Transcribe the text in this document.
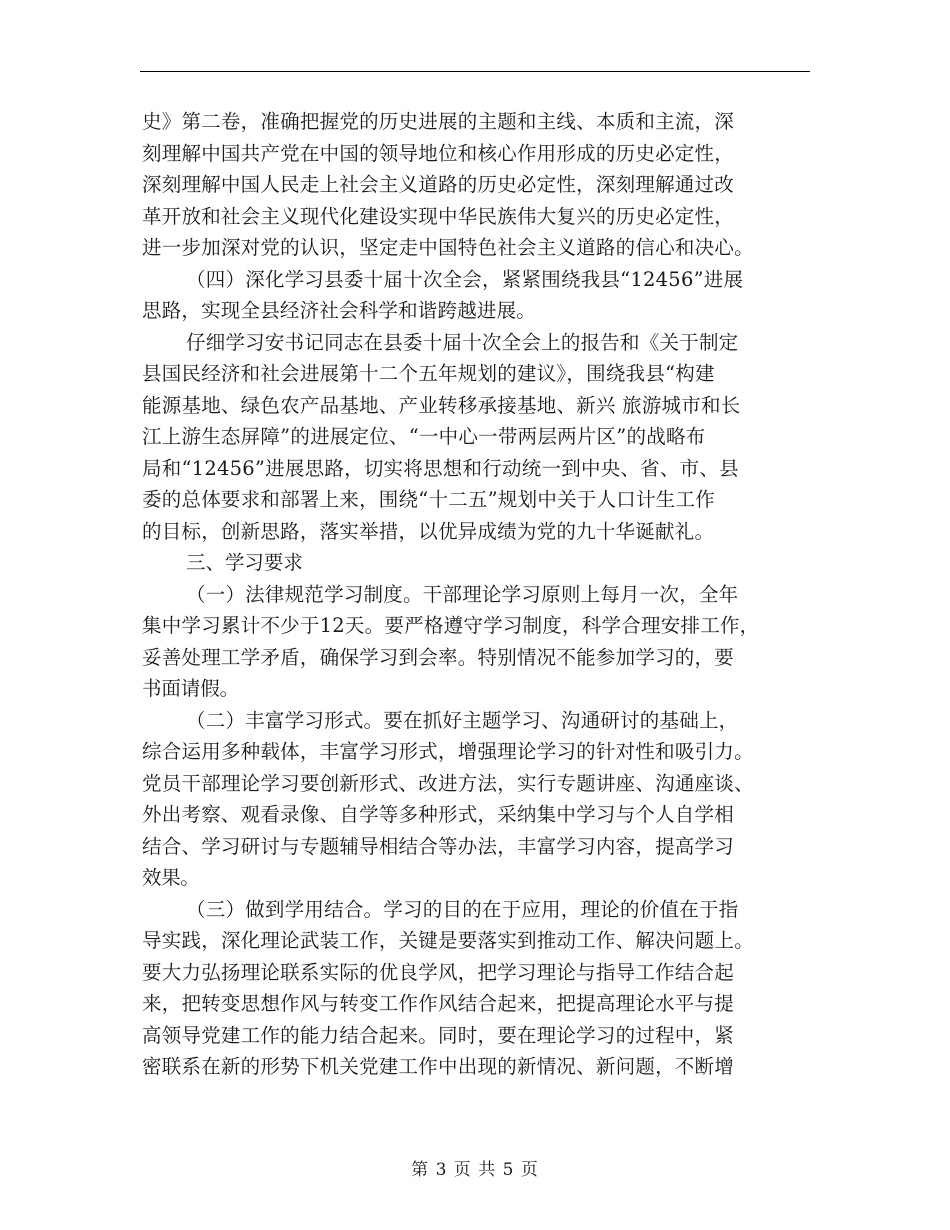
史》第二卷，准确把握党的历史进展的主题和主线、本质和主流，深
刻理解中国共产党在中国的领导地位和核心作用形成的历史必定性，
深刻理解中国人民走上社会主义道路的历史必定性，深刻理解通过改
革开放和社会主义现代化建设实现中华民族伟大复兴的历史必定性，
进一步加深对党的认识，坚定走中国特色社会主义道路的信心和决心。
（四）深化学习县委十届十次全会，紧紧围绕我县“12456”进展
思路，实现全县经济社会科学和谐跨越进展。
仔细学习安书记同志在县委十届十次全会上的报告和《关于制定
县国民经济和社会进展第十二个五年规划的建议》，围绕我县“构建
能源基地、绿色农产品基地、产业转移承接基地、新兴 旅游城市和长
江上游生态屏障”的进展定位、“一中心一带两层两片区”的战略布
局和“12456”进展思路，切实将思想和行动统一到中央、省、市、县
委的总体要求和部署上来，围绕“十二五”规划中关于人口计生工作
的目标，创新思路，落实举措，以优异成绩为党的九十华诞献礼。
三、学习要求
（一）法律规范学习制度。干部理论学习原则上每月一次，全年
集中学习累计不少于12天。要严格遵守学习制度，科学合理安排工作，
妥善处理工学矛盾，确保学习到会率。特别情况不能参加学习的，要
书面请假。
（二）丰富学习形式。要在抓好主题学习、沟通研讨的基础上，
综合运用多种载体，丰富学习形式，增强理论学习的针对性和吸引力。
党员干部理论学习要创新形式、改进方法，实行专题讲座、沟通座谈、
外出考察、观看录像、自学等多种形式，采纳集中学习与个人自学相
结合、学习研讨与专题辅导相结合等办法，丰富学习内容，提高学习
效果。
（三）做到学用结合。学习的目的在于应用，理论的价值在于指
导实践，深化理论武装工作，关键是要落实到推动工作、解决问题上。
要大力弘扬理论联系实际的优良学风，把学习理论与指导工作结合起
来，把转变思想作风与转变工作作风结合起来，把提高理论水平与提
高领导党建工作的能力结合起来。同时，要在理论学习的过程中，紧
密联系在新的形势下机关党建工作中出现的新情况、新问题，不断增
第 3 页 共 5 页
